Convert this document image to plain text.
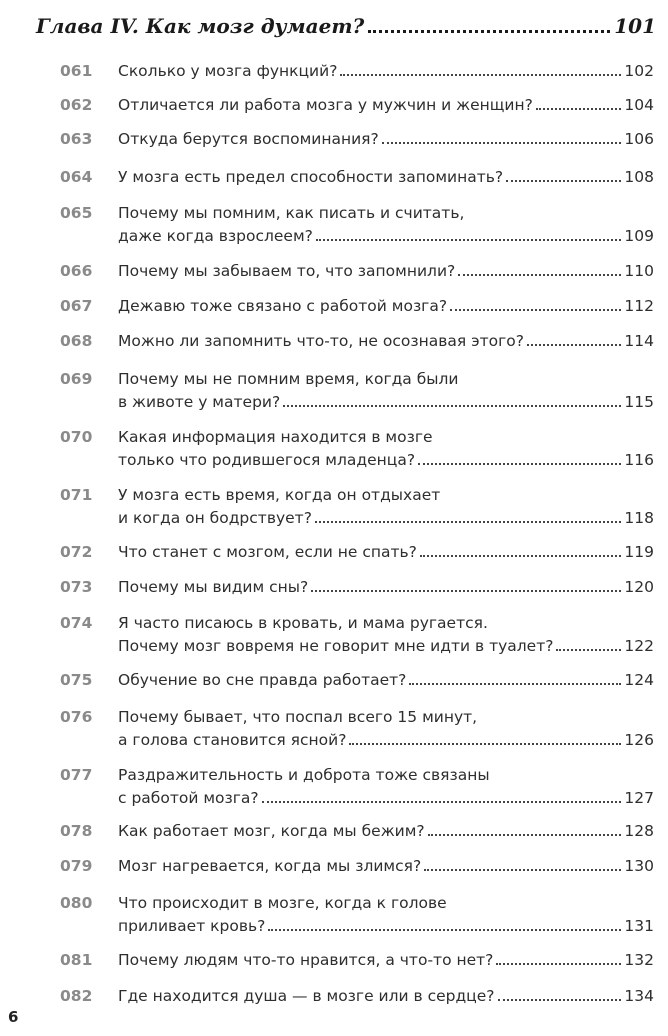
Глава IV. Как мозг думает?	101
061	Сколько у мозга функций?	102
062	Отличается ли работа мозга у мужчин и женщин?	104
063	Откуда берутся воспоминания?	106
064	У мозга есть предел способности запоминать?	108
065	Почему мы помним, как писать и считать,
даже когда взрослеем?	109
066	Почему мы забываем то, что запомнили?	110
067	Дежавю тоже связано с работой мозга?	112
068	Можно ли запомнить что-то, не осознавая этого?	114
069	Почему мы не помним время, когда были
в животе у матери?	115
070	Какая информация находится в мозге
только что родившегося младенца?	116
071	У мозга есть время, когда он отдыхает
и когда он бодрствует?	118
072	Что станет с мозгом, если не спать?	119
073	Почему мы видим сны?	120
074	Я часто писаюсь в кровать, и мама ругается.
Почему мозг вовремя не говорит мне идти в туалет?	122
075	Обучение во сне правда работает?	124
076	Почему бывает, что поспал всего 15 минут,
а голова становится ясной?	126
077	Раздражительность и доброта тоже связаны
с работой мозга?	127
078	Как работает мозг, когда мы бежим?	128
079	Мозг нагревается, когда мы злимся?	130
080	Что происходит в мозге, когда к голове
приливает кровь?	131
081	Почему людям что-то нравится, а что-то нет?	132
082	Где находится душа — в мозге или в сердце?	134
6
